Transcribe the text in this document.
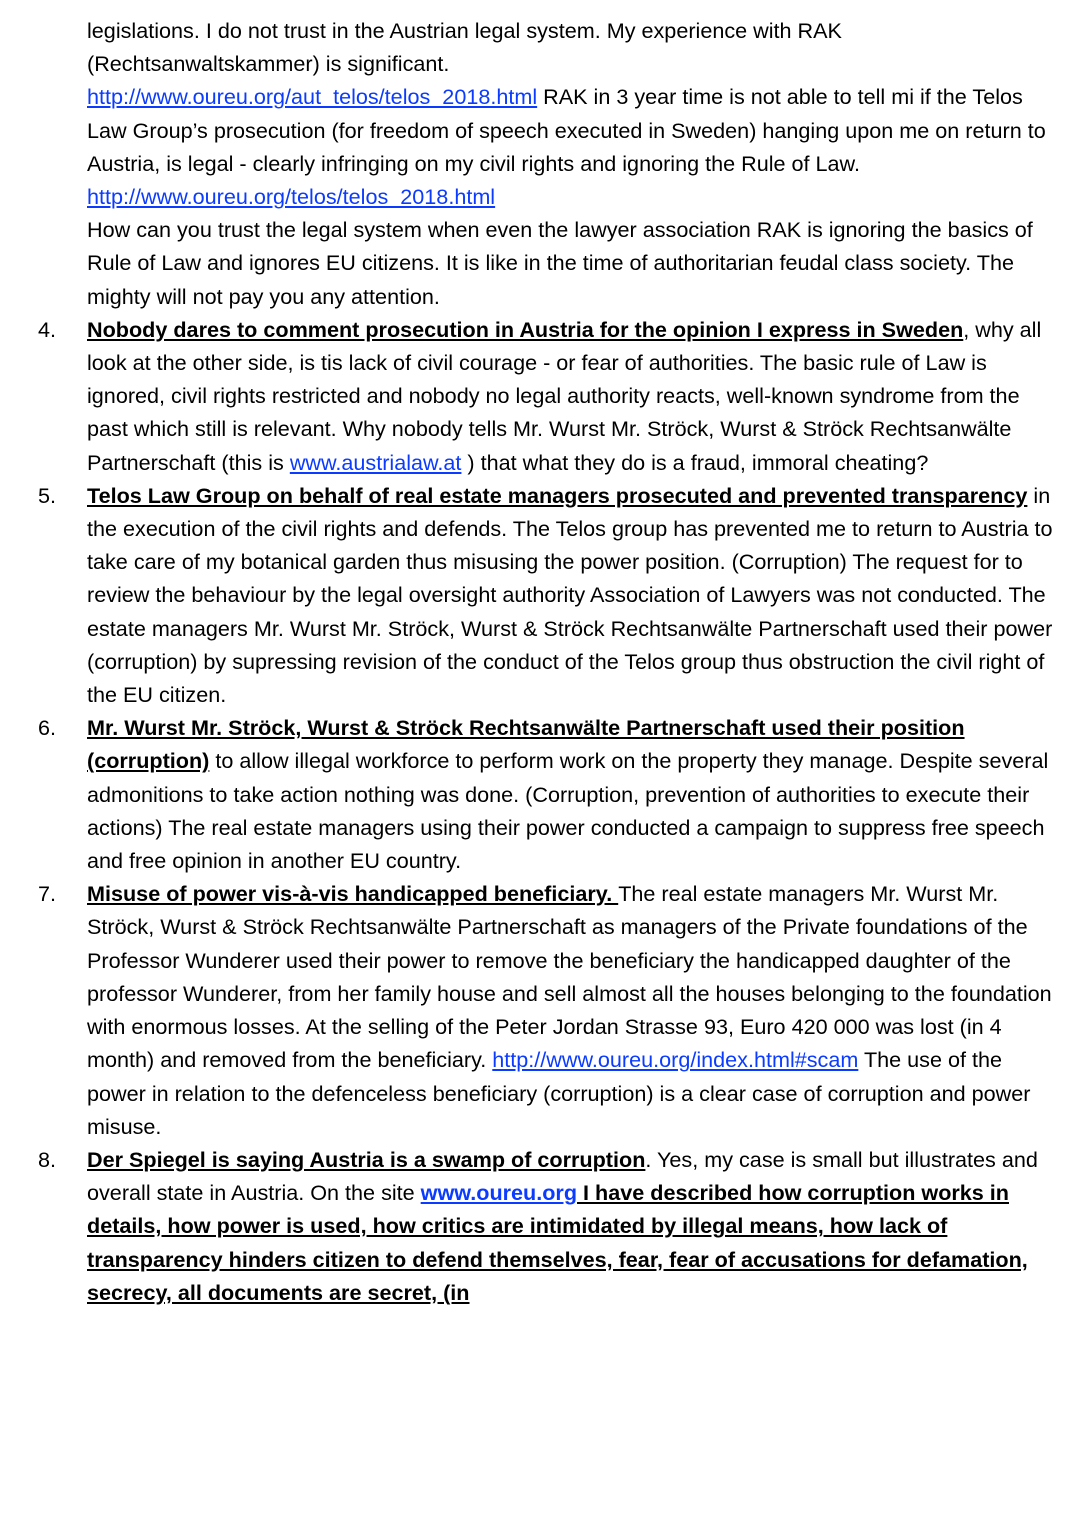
legislations. I do not trust in the Austrian legal system. My experience with RAK (Rechtsanwaltskammer) is significant.

http://www.oureu.org/aut_telos/telos_2018.html RAK in 3 year time is not able to tell mi if the Telos Law Group’s prosecution (for freedom of speech executed in Sweden) hanging upon me on return to Austria, is legal - clearly infringing on my civil rights and ignoring the Rule of Law.

http://www.oureu.org/telos/telos_2018.html

How can you trust the legal system when even the lawyer association RAK is ignoring the basics of Rule of Law and ignores EU citizens. It is like in the time of authoritarian feudal class society. The mighty will not pay you any attention.

4.	Nobody dares to comment prosecution in Austria for the opinion I express in Sweden, why all look at the other side, is tis lack of civil courage - or fear of authorities. The basic rule of Law is ignored, civil rights restricted and nobody no legal authority reacts, well-known syndrome from the past which still is relevant. Why nobody tells Mr. Wurst Mr. Ströck, Wurst & Ströck Rechtsanwälte Partnerschaft (this is www.austrialaw.at ) that what they do is a fraud, immoral cheating?
5.	Telos Law Group on behalf of real estate managers prosecuted and prevented transparency in the execution of the civil rights and defends. The Telos group has prevented me to return to Austria to take care of my botanical garden thus misusing the power position. (Corruption) The request for to review the behaviour by the legal oversight authority Association of Lawyers was not conducted. The estate managers Mr. Wurst Mr. Ströck, Wurst & Ströck Rechtsanwälte Partnerschaft used their power (corruption) by supressing revision of the conduct of the Telos group thus obstruction the civil right of the EU citizen.
6.	Mr. Wurst Mr. Ströck, Wurst & Ströck Rechtsanwälte Partnerschaft used their position (corruption) to allow illegal workforce to perform work on the property they manage. Despite several admonitions to take action nothing was done. (Corruption, prevention of authorities to execute their actions) The real estate managers using their power conducted a campaign to suppress free speech and free opinion in another EU country.
7.	Misuse of power vis-à-vis handicapped beneficiary. The real estate managers Mr. Wurst Mr. Ströck, Wurst & Ströck Rechtsanwälte Partnerschaft as managers of the Private foundations of the Professor Wunderer used their power to remove the beneficiary the handicapped daughter of the professor Wunderer, from her family house and sell almost all the houses belonging to the foundation with enormous losses. At the selling of the Peter Jordan Strasse 93, Euro 420 000 was lost (in 4 month) and removed from the beneficiary. http://www.oureu.org/index.html#scam The use of the power in relation to the defenceless beneficiary (corruption) is a clear case of corruption and power misuse.
8.	Der Spiegel is saying Austria is a swamp of corruption. Yes, my case is small but illustrates and overall state in Austria. On the site www.oureu.org I have described how corruption works in details, how power is used, how critics are intimidated by illegal means, how lack of transparency hinders citizen to defend themselves, fear, fear of accusations for defamation, secrecy, all documents are secret, (in
